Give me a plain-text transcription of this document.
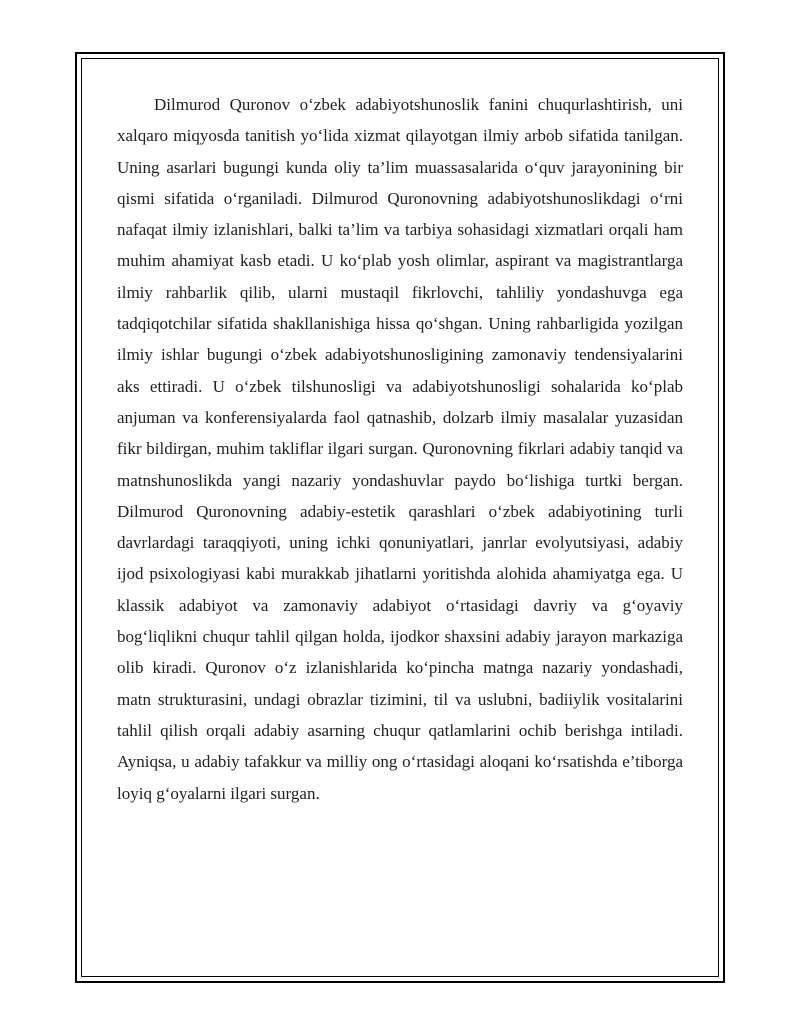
Dilmurod Quronov o‘zbek adabiyotshunoslik fanini chuqurlashtirish, uni xalqaro miqyosda tanitish yo‘lida xizmat qilayotgan ilmiy arbob sifatida tanilgan. Uning asarlari bugungi kunda oliy ta’lim muassasalarida o‘quv jarayonining bir qismi sifatida o‘rganiladi. Dilmurod Quronovning adabiyotshunoslikdagi o‘rni nafaqat ilmiy izlanishlari, balki ta’lim va tarbiya sohasidagi xizmatlari orqali ham muhim ahamiyat kasb etadi. U ko‘plab yosh olimlar, aspirant va magistrantlarga ilmiy rahbarlik qilib, ularni mustaqil fikrlovchi, tahliliy yondashuvga ega tadqiqotchilar sifatida shakllanishiga hissa qo‘shgan. Uning rahbarligida yozilgan ilmiy ishlar bugungi o‘zbek adabiyotshunosligining zamonaviy tendensiyalarini aks ettiradi. U o‘zbek tilshunosligi va adabiyotshunosligi sohalarida ko‘plab anjuman va konferensiyalarda faol qatnashib, dolzarb ilmiy masalalar yuzasidan fikr bildirgan, muhim takliflar ilgari surgan. Quronovning fikrlari adabiy tanqid va matnshunoslikda yangi nazariy yondashuvlar paydo bo‘lishiga turtki bergan. Dilmurod Quronovning adabiy-estetik qarashlari o‘zbek adabiyotining turli davrlardagi taraqqiyoti, uning ichki qonuniyatlari, janrlar evolyutsiyasi, adabiy ijod psixologiyasi kabi murakkab jihatlarni yoritishda alohida ahamiyatga ega. U klassik adabiyot va zamonaviy adabiyot o‘rtasidagi davriy va g‘oyaviy bog‘liqlikni chuqur tahlil qilgan holda, ijodkor shaxsini adabiy jarayon markaziga olib kiradi. Quronov o‘z izlanishlarida ko‘pincha matnga nazariy yondashadi, matn strukturasini, undagi obrazlar tizimini, til va uslubni, badiiylik vositalarini tahlil qilish orqali adabiy asarning chuqur qatlamlarini ochib berishga intiladi. Ayniqsa, u adabiy tafakkur va milliy ong o‘rtasidagi aloqani ko‘rsatishda e’tiborga loyiq g‘oyalarni ilgari surgan.
